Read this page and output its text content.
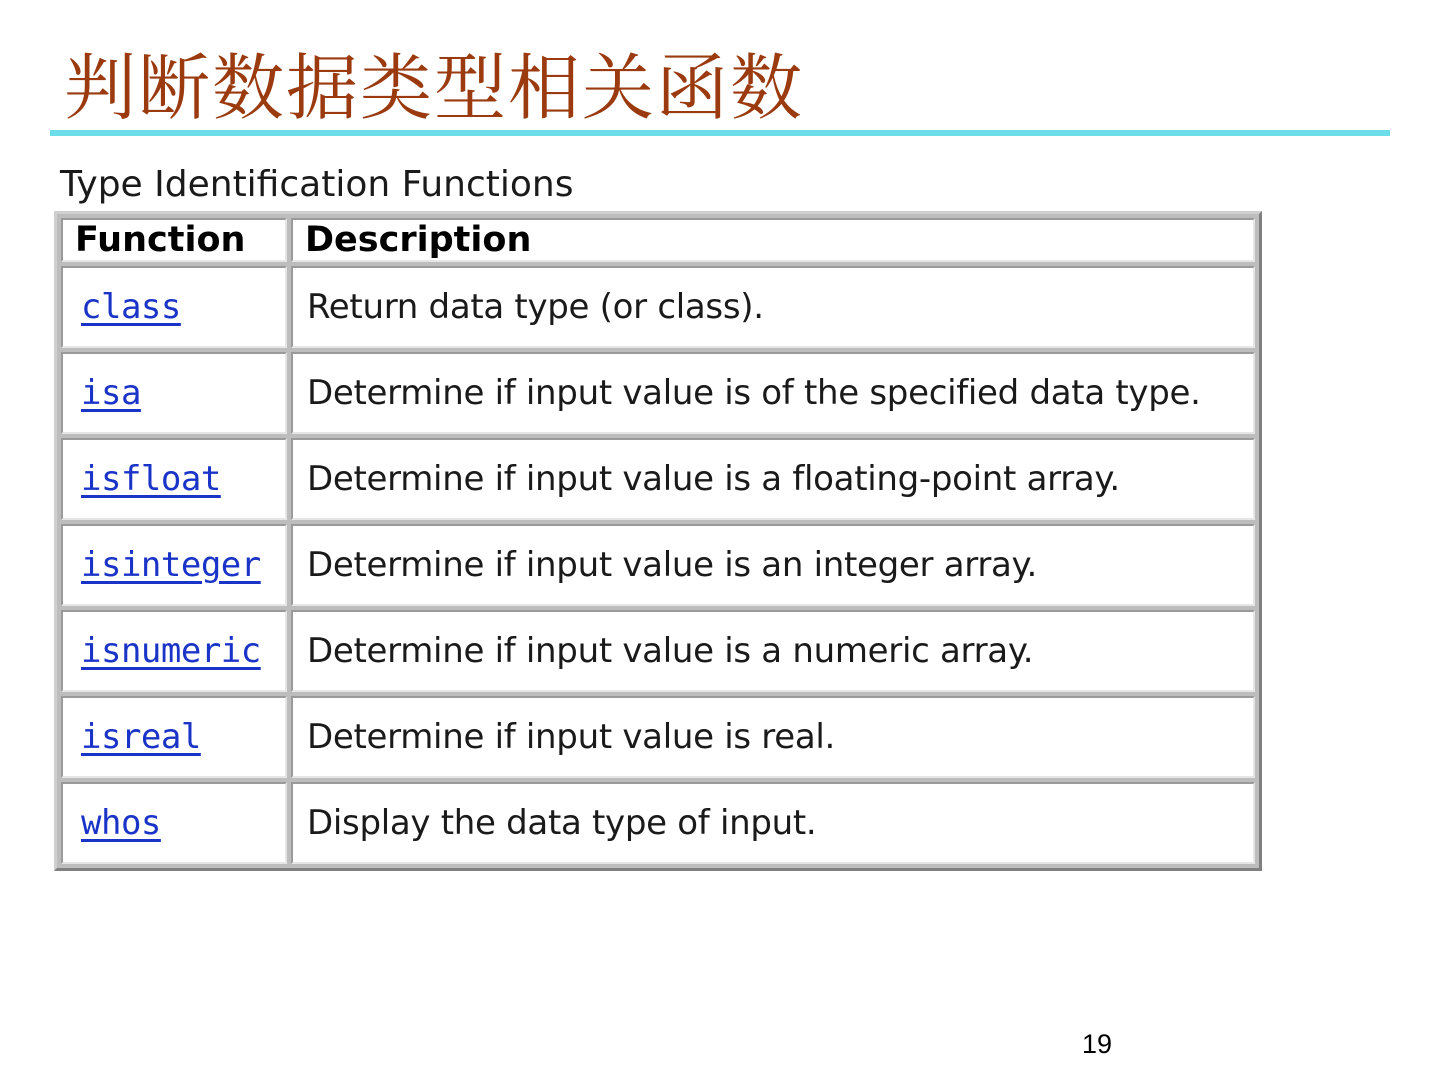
判断数据类型相关函数

Type Identification Functions

Function	Description
class	Return data type (or class).
isa	Determine if input value is of the specified data type.
isfloat	Determine if input value is a floating-point array.
isinteger	Determine if input value is an integer array.
isnumeric	Determine if input value is a numeric array.
isreal	Determine if input value is real.
whos	Display the data type of input.

19
